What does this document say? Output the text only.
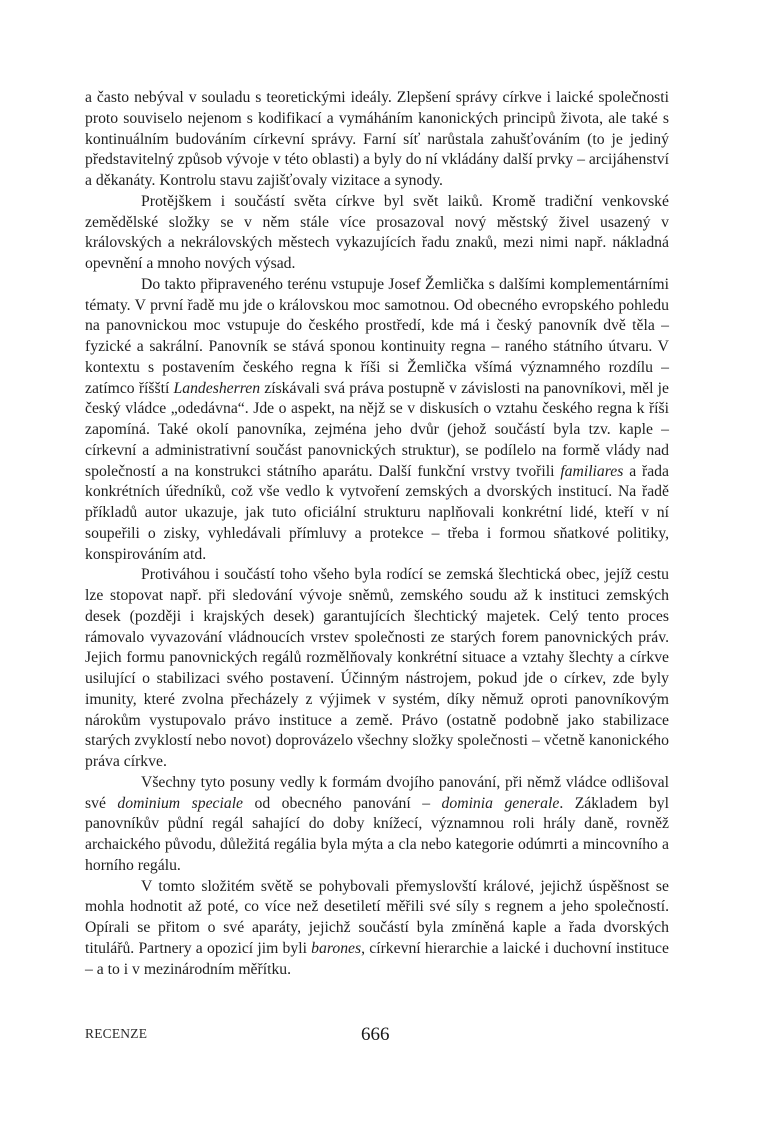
a často nebýval v souladu s teoretickými ideály. Zlepšení správy církve i laické společnosti proto souviselo nejenom s kodifikací a vymáháním kanonických principů života, ale také s kontinuálním budováním církevní správy. Farní síť narůstala zahušťováním (to je jediný představitelný způsob vývoje v této oblasti) a byly do ní vkládány další prvky – arcijáhenství a děkanáty. Kontrolu stavu zajišťovaly vizitace a synody.

Protějškem i součástí světa církve byl svět laiků. Kromě tradiční venkovské zemědělské složky se v něm stále více prosazoval nový městský živel usazený v královských a nekrálovských městech vykazujících řadu znaků, mezi nimi např. nákladná opevnění a mnoho nových výsad.

Do takto připraveného terénu vstupuje Josef Žemlička s dalšími komplementárními tématy. V první řadě mu jde o královskou moc samotnou. Od obecného evropského pohledu na panovnickou moc vstupuje do českého prostředí, kde má i český panovník dvě těla – fyzické a sakrální. Panovník se stává sponou kontinuity regna – raného státního útvaru. V kontextu s postavením českého regna k říši si Žemlička všímá významného rozdílu – zatímco říšští Landesherren získávali svá práva postupně v závislosti na panovníkovi, měl je český vládce „odedávna“. Jde o aspekt, na nějž se v diskusích o vztahu českého regna k říši zapomíná. Také okolí panovníka, zejména jeho dvůr (jehož součástí byla tzv. kaple – církevní a administrativní součást panovnických struktur), se podílelo na formě vlády nad společností a na konstrukci státního aparátu. Další funkční vrstvy tvořili familiares a řada konkrétních úředníků, což vše vedlo k vytvoření zemských a dvorských institucí. Na řadě příkladů autor ukazuje, jak tuto oficiální strukturu naplňovali konkrétní lidé, kteří v ní soupeřili o zisky, vyhledávali přímluvy a protekce – třeba i formou sňatkové politiky, konspirováním atd.

Protiváhou i součástí toho všeho byla rodící se zemská šlechtická obec, jejíž cestu lze stopovat např. při sledování vývoje sněmů, zemského soudu až k instituci zemských desek (později i krajských desek) garantujících šlechtický majetek. Celý tento proces rámovalo vyvazování vládnoucích vrstev společnosti ze starých forem panovnických práv. Jejich formu panovnických regálů rozmělňovaly konkrétní situace a vztahy šlechty a církve usilující o stabilizaci svého postavení. Účinným nástrojem, pokud jde o církev, zde byly imunity, které zvolna přecházely z výjimek v systém, díky němuž oproti panovníkovým nárokům vystupovalo právo instituce a země. Právo (ostatně podobně jako stabilizace starých zvyklostí nebo novot) doprovázelo všechny složky společnosti – včetně kanonického práva církve.

Všechny tyto posuny vedly k formám dvojího panování, při němž vládce odlišoval své dominium speciale od obecného panování – dominia generale. Základem byl panovníkův půdní regál sahající do doby knížecí, významnou roli hrály daně, rovněž archaického původu, důležitá regália byla mýta a cla nebo kategorie odúmrti a mincovního a horního regálu.

V tomto složitém světě se pohybovali přemyslovští králové, jejichž úspěšnost se mohla hodnotit až poté, co více než desetiletí měřili své síly s regnem a jeho společností. Opírali se přitom o své aparáty, jejichž součástí byla zmíněná kaple a řada dvorských titulářů. Partnery a opozicí jim byli barones, církevní hierarchie a laické i duchovní instituce – a to i v mezinárodním měřítku.

RECENZE	666
